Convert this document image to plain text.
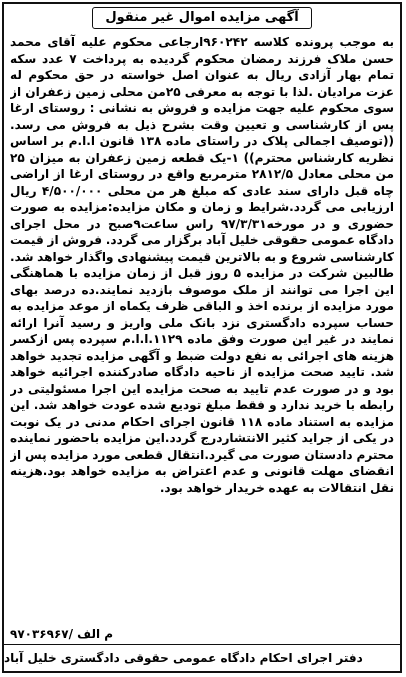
آگهی مزایده اموال غیر منقول
به موجب پرونده کلاسه ۹۶۰۲۴۲ارجاعی محکوم علیه آقای محمد حسن ملاک فرزند رمضان محکوم گردیده به پرداخت ۷ عدد سکه تمام بهار آزادی ریال به عنوان اصل خواسته در حق محکوم له عزت مرادیان .لذا با توجه به معرفی ۲۵من محلی زمین زعفران از سوی محکوم علیه جهت مزایده و فروش به نشانی : روستای ارغا پس از کارشناسی و تعیین وقت بشرح ذیل به فروش می رسد.((توصیف اجمالی پلاک در راستای ماده ۱۳۸ قانون ا.ا.م بر اساس نظریه کارشناس محترم)) ۱-یک قطعه زمین زعفران به میزان ۲۵ من محلی معادل ۲۸۱۲/۵ مترمربع واقع در روستای ارغا از اراضی چاه قبل دارای سند عادی که مبلغ هر من محلی ۴/۵۰۰/۰۰۰ ریال ارزیابی می گردد.شرایط و زمان و مکان مزایده:مزایده به صورت حضوری و در مورخه۹۷/۳/۳۱ راس ساعت۹صبح در محل اجرای دادگاه عمومی حقوقی خلیل آباد برگزار می گردد. فروش از قیمت کارشناسی شروع و به بالاترین قیمت پیشنهادی واگذار خواهد شد. طالبین شرکت در مزایده ۵ روز قبل از زمان مزایده با هماهنگی این اجرا می توانند از ملک موصوف بازدید نمایند.ده درصد بهای مورد مزایده از برنده اخذ و الباقی ظرف یکماه از موعد مزایده به حساب سپرده دادگستری نزد بانک ملی واریز و رسید آنرا ارائه نمایند در غیر این صورت وفق ماده ۱۱۲۹.ا.ا.م سپرده پس ازکسر هزینه های اجرائی به نفع دولت ضبط و آگهی مزایده تجدید خواهد شد. تایید صحت مزایده از ناحیه دادگاه صادرکننده اجرائیه خواهد بود و در صورت عدم تایید به صحت مزایده این اجرا مسئولیتی در رابطه با خرید ندارد و فقط مبلغ تودیع شده عودت خواهد شد. این مزایده به استناد ماده ۱۱۸ قانون اجرای احکام مدنی در یک نوبت در یکی از جراید کثیر الانتشاردرج گردد.این مزایده باحضور نماینده محترم دادستان صورت می گیرد.انتقال قطعی مورد مزایده پس از انقضای مهلت قانونی و عدم اعتراض به مزایده خواهد بود.هزینه نقل انتقالات به عهده خریدار خواهد بود.
۹۷۰۳۶۹۶۷/ م الف
دفتر اجرای احکام دادگاه عمومی حقوقی دادگستری خلیل آباد
